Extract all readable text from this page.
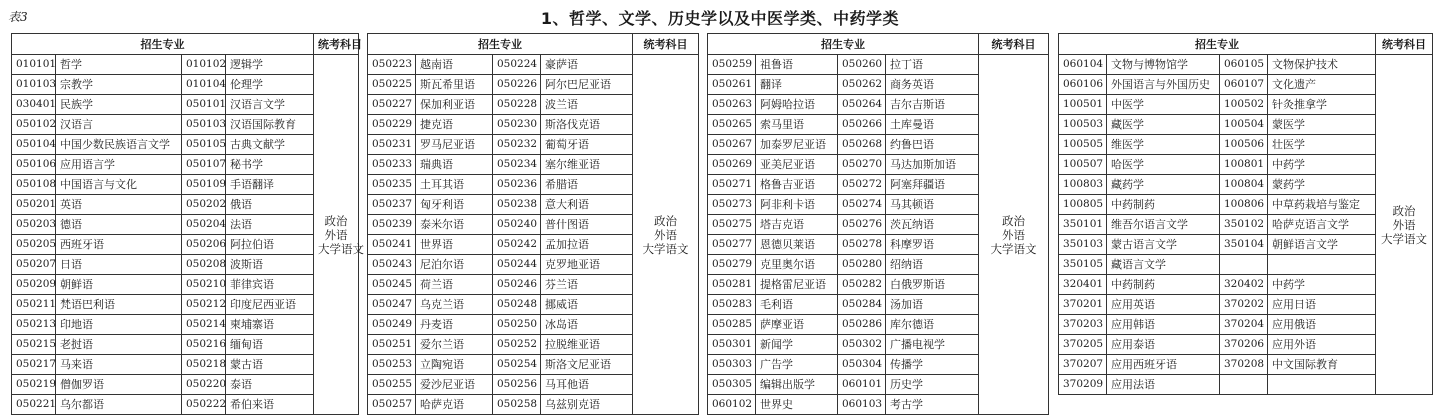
表3	1、哲学、文学、历史学以及中医学类、中药学类
招生专业				统考科目
010101	哲学	010102	逻辑学	政治
外语
大学语文

010103	宗教学	010104	伦理学	
030401	民族学	050101	汉语言文学	
050102	汉语言	050103	汉语国际教育	
050104	中国少数民族语言文学	050105	古典文献学	
050106	应用语言学	050107	秘书学	
050108	中国语言与文化	050109	手语翻译	
050201	英语	050202	俄语	
050203	德语	050204	法语	
050205	西班牙语	050206	阿拉伯语	
050207	日语	050208	波斯语	
050209	朝鲜语	050210	菲律宾语	
050211	梵语巴利语	050212	印度尼西亚语	
050213	印地语	050214	柬埔寨语	
050215	老挝语	050216	缅甸语	
050217	马来语	050218	蒙古语	
050219	僧伽罗语	050220	泰语	
050221	乌尔都语	050222	希伯来语	
招生专业				统考科目
050223	越南语	050224	豪萨语	政治
外语
大学语文

050225	斯瓦希里语	050226	阿尔巴尼亚语	
050227	保加利亚语	050228	波兰语	
050229	捷克语	050230	斯洛伐克语	
050231	罗马尼亚语	050232	葡萄牙语	
050233	瑞典语	050234	塞尔维亚语	
050235	土耳其语	050236	希腊语	
050237	匈牙利语	050238	意大利语	
050239	泰米尔语	050240	普什图语	
050241	世界语	050242	孟加拉语	
050243	尼泊尔语	050244	克罗地亚语	
050245	荷兰语	050246	芬兰语	
050247	乌克兰语	050248	挪威语	
050249	丹麦语	050250	冰岛语	
050251	爱尔兰语	050252	拉脱维亚语	
050253	立陶宛语	050254	斯洛文尼亚语	
050255	爱沙尼亚语	050256	马耳他语	
050257	哈萨克语	050258	乌兹别克语	
招生专业				统考科目
050259	祖鲁语	050260	拉丁语	政治
外语
大学语文

050261	翻译	050262	商务英语	
050263	阿姆哈拉语	050264	吉尔吉斯语	
050265	索马里语	050266	土库曼语	
050267	加泰罗尼亚语	050268	约鲁巴语	
050269	亚美尼亚语	050270	马达加斯加语	
050271	格鲁吉亚语	050272	阿塞拜疆语	
050273	阿非利卡语	050274	马其顿语	
050275	塔吉克语	050276	茨瓦纳语	
050277	恩德贝莱语	050278	科摩罗语	
050279	克里奥尔语	050280	绍纳语	
050281	提格雷尼亚语	050282	白俄罗斯语	
050283	毛利语	050284	汤加语	
050285	萨摩亚语	050286	库尔德语	
050301	新闻学	050302	广播电视学	
050303	广告学	050304	传播学	
050305	编辑出版学	060101	历史学	
060102	世界史	060103	考古学	
招生专业				统考科目
060104	文物与博物馆学	060105	文物保护技术	政治
外语
大学语文

060106	外国语言与外国历史	060107	文化遗产	
100501	中医学	100502	针灸推拿学	
100503	藏医学	100504	蒙医学	
100505	维医学	100506	壮医学	
100507	哈医学	100801	中药学	
100803	藏药学	100804	蒙药学	
100805	中药制药	100806	中草药栽培与鉴定	
350101	维吾尔语言文学	350102	哈萨克语言文学	
350103	蒙古语言文学	350104	朝鲜语言文学	
350105	藏语言文学			
320401	中药制药	320402	中药学	
370201	应用英语	370202	应用日语	
370203	应用韩语	370204	应用俄语	
370205	应用泰语	370206	应用外语	
370207	应用西班牙语	370208	中文国际教育	
370209	应用法语			
